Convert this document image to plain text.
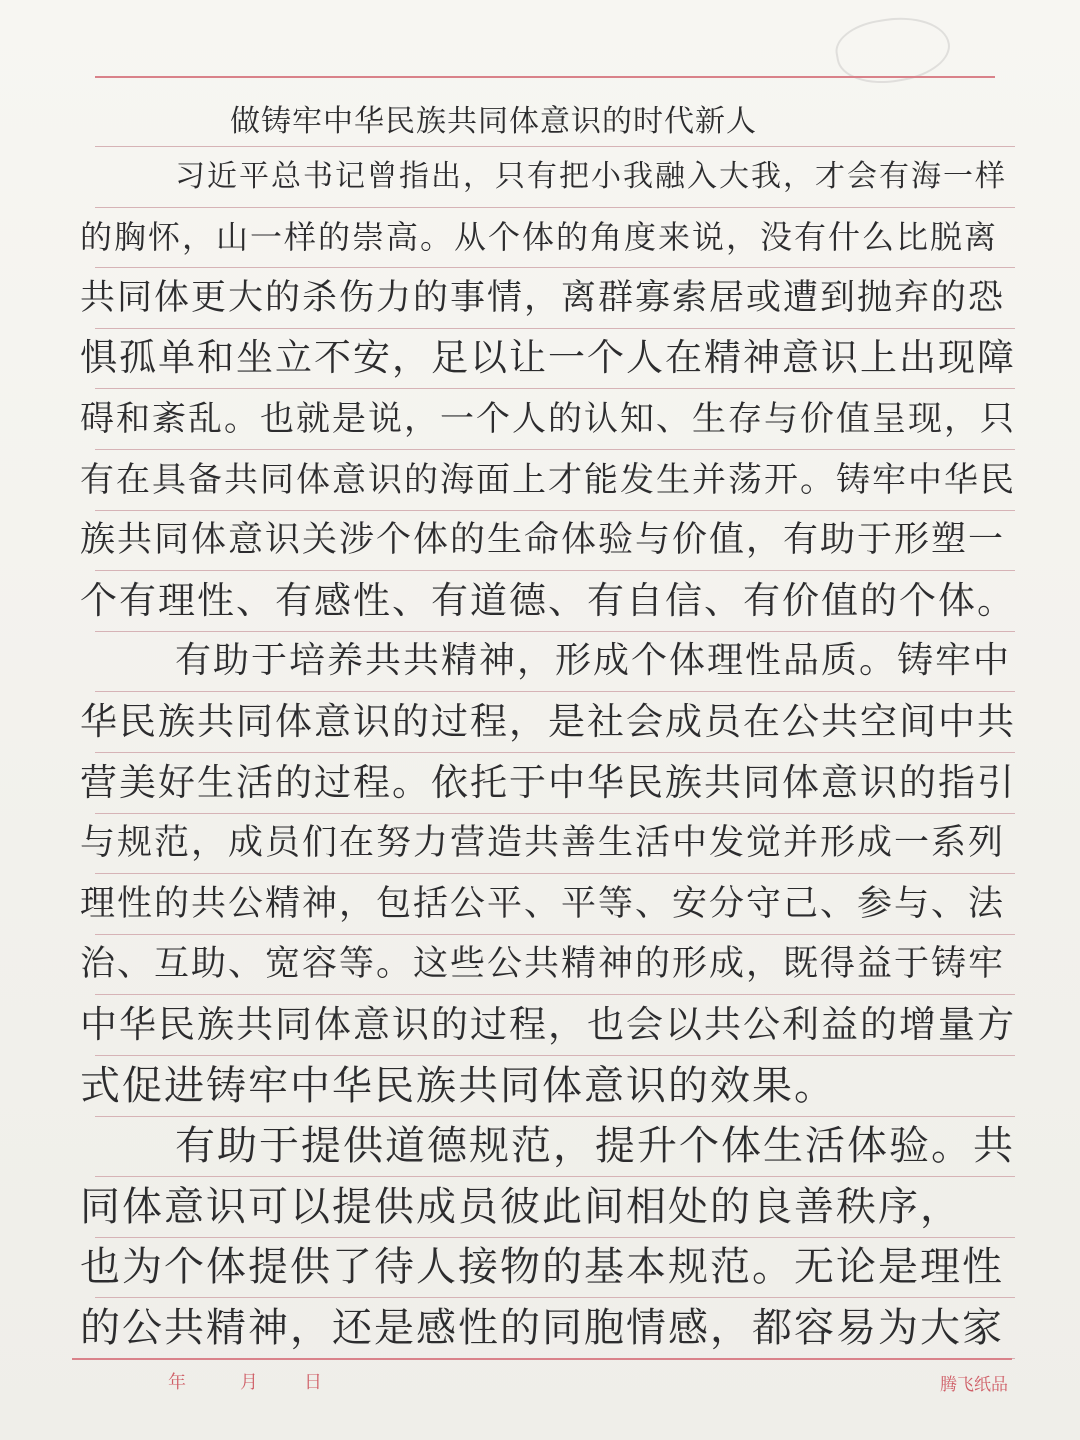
做铸牢中华民族共同体意识的时代新人
习近平总书记曾指出，只有把小我融入大我，才会有海一样
的胸怀，山一样的崇高。从个体的角度来说，没有什么比脱离
共同体更大的杀伤力的事情，离群寡索居或遭到抛弃的恐
惧孤单和坐立不安，足以让一个人在精神意识上出现障
碍和紊乱。也就是说，一个人的认知、生存与价值呈现，只
有在具备共同体意识的海面上才能发生并荡开。铸牢中华民
族共同体意识关涉个体的生命体验与价值，有助于形塑一
个有理性、有感性、有道德、有自信、有价值的个体。
有助于培养共共精神，形成个体理性品质。铸牢中
华民族共同体意识的过程，是社会成员在公共空间中共
营美好生活的过程。依托于中华民族共同体意识的指引
与规范，成员们在努力营造共善生活中发觉并形成一系列
理性的共公精神，包括公平、平等、安分守己、参与、法
治、互助、宽容等。这些公共精神的形成，既得益于铸牢
中华民族共同体意识的过程，也会以共公利益的增量方
式促进铸牢中华民族共同体意识的效果。
有助于提供道德规范，提升个体生活体验。共
同体意识可以提供成员彼此间相处的良善秩序，
也为个体提供了待人接物的基本规范。无论是理性
的公共精神，还是感性的同胞情感，都容易为大家
年	月	日	腾飞纸品
